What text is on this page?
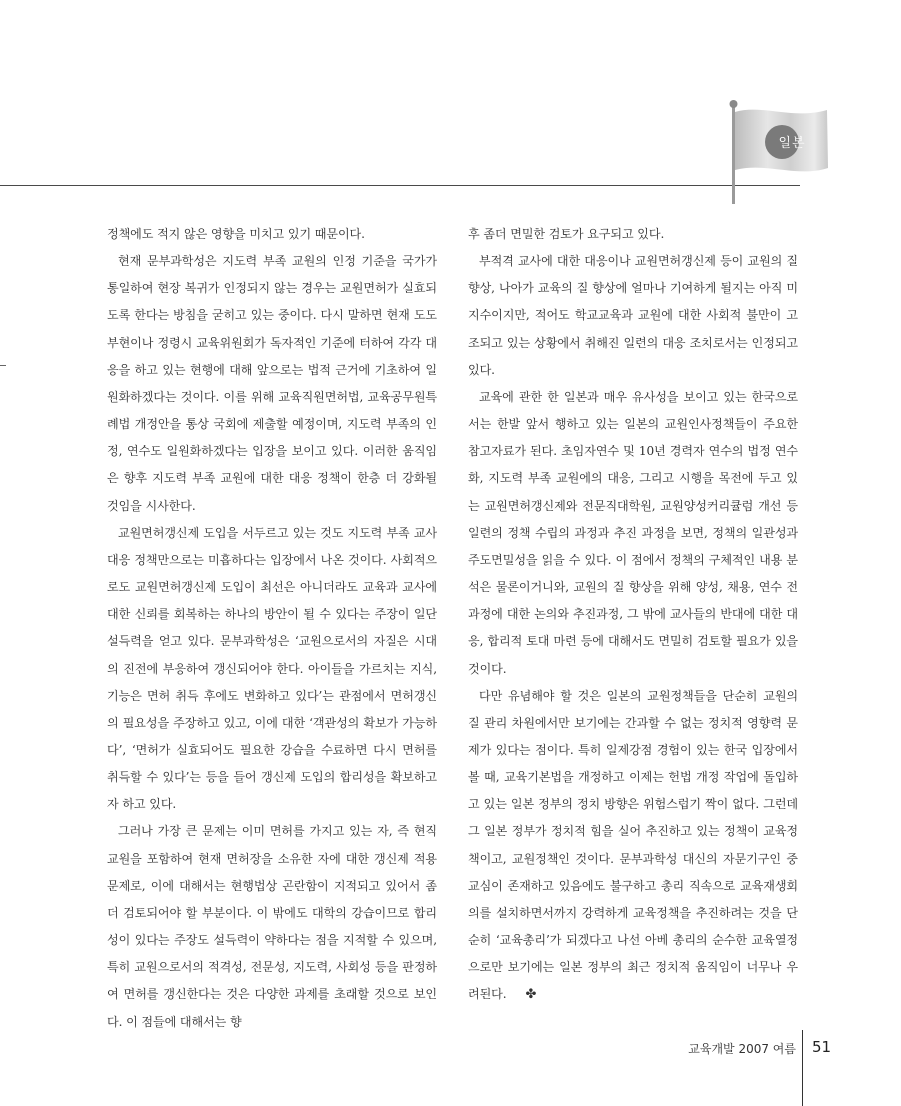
일본

정책에도 적지 않은 영향을 미치고 있기 때문이다.

현재 문부과학성은 지도력 부족 교원의 인정 기준을 국가가 통일하여 현장 복귀가 인정되지 않는 경우는 교원면허가 실효되도록 한다는 방침을 굳히고 있는 중이다. 다시 말하면 현재 도도부현이나 정령시 교육위원회가 독자적인 기준에 터하여 각각 대응을 하고 있는 현행에 대해 앞으로는 법적 근거에 기초하여 일원화하겠다는 것이다. 이를 위해 교육직원면허법, 교육공무원특례법 개정안을 통상 국회에 제출할 예정이며, 지도력 부족의 인정, 연수도 일원화하겠다는 입장을 보이고 있다. 이러한 움직임은 향후 지도력 부족 교원에 대한 대응 정책이 한층 더 강화될 것임을 시사한다.

교원면허갱신제 도입을 서두르고 있는 것도 지도력 부족 교사 대응 정책만으로는 미흡하다는 입장에서 나온 것이다. 사회적으로도 교원면허갱신제 도입이 최선은 아니더라도 교육과 교사에 대한 신뢰를 회복하는 하나의 방안이 될 수 있다는 주장이 일단 설득력을 얻고 있다. 문부과학성은 ‘교원으로서의 자질은 시대의 진전에 부응하여 갱신되어야 한다. 아이들을 가르치는 지식, 기능은 면허 취득 후에도 변화하고 있다’는 관점에서 면허갱신의 필요성을 주장하고 있고, 이에 대한 ‘객관성의 확보가 가능하다’, ‘면허가 실효되어도 필요한 강습을 수료하면 다시 면허를 취득할 수 있다’는 등을 들어 갱신제 도입의 합리성을 확보하고자 하고 있다.

그러나 가장 큰 문제는 이미 면허를 가지고 있는 자, 즉 현직교원을 포함하여 현재 면허장을 소유한 자에 대한 갱신제 적용 문제로, 이에 대해서는 현행법상 곤란함이 지적되고 있어서 좀더 검토되어야 할 부분이다. 이 밖에도 대학의 강습이므로 합리성이 있다는 주장도 설득력이 약하다는 점을 지적할 수 있으며, 특히 교원으로서의 적격성, 전문성, 지도력, 사회성 등을 판정하여 면허를 갱신한다는 것은 다양한 과제를 초래할 것으로 보인다. 이 점들에 대해서는 향

후 좀더 면밀한 검토가 요구되고 있다.

부적격 교사에 대한 대응이나 교원면허갱신제 등이 교원의 질 향상, 나아가 교육의 질 향상에 얼마나 기여하게 될지는 아직 미지수이지만, 적어도 학교교육과 교원에 대한 사회적 불만이 고조되고 있는 상황에서 취해진 일련의 대응 조치로서는 인정되고 있다.

교육에 관한 한 일본과 매우 유사성을 보이고 있는 한국으로서는 한발 앞서 행하고 있는 일본의 교원인사정책들이 주요한 참고자료가 된다. 초임자연수 및 10년 경력자 연수의 법정 연수화, 지도력 부족 교원에의 대응, 그리고 시행을 목전에 두고 있는 교원면허갱신제와 전문직대학원, 교원양성커리큘럼 개선 등 일련의 정책 수립의 과정과 추진 과정을 보면, 정책의 일관성과 주도면밀성을 읽을 수 있다. 이 점에서 정책의 구체적인 내용 분석은 물론이거니와, 교원의 질 향상을 위해 양성, 채용, 연수 전 과정에 대한 논의와 추진과정, 그 밖에 교사들의 반대에 대한 대응, 합리적 토대 마련 등에 대해서도 면밀히 검토할 필요가 있을 것이다.

다만 유념해야 할 것은 일본의 교원정책들을 단순히 교원의 질 관리 차원에서만 보기에는 간과할 수 없는 정치적 영향력 문제가 있다는 점이다. 특히 일제강점 경험이 있는 한국 입장에서 볼 때, 교육기본법을 개정하고 이제는 헌법 개정 작업에 돌입하고 있는 일본 정부의 정치 방향은 위험스럽기 짝이 없다. 그런데 그 일본 정부가 정치적 힘을 실어 추진하고 있는 정책이 교육정책이고, 교원정책인 것이다. 문부과학성 대신의 자문기구인 중교심이 존재하고 있음에도 불구하고 총리 직속으로 교육재생회의를 설치하면서까지 강력하게 교육정책을 추진하려는 것을 단순히 ‘교육총리’가 되겠다고 나선 아베 총리의 순수한 교육열정으로만 보기에는 일본 정부의 최근 정치적 움직임이 너무나 우려된다. ✤

교육개발 2007 여름 51
